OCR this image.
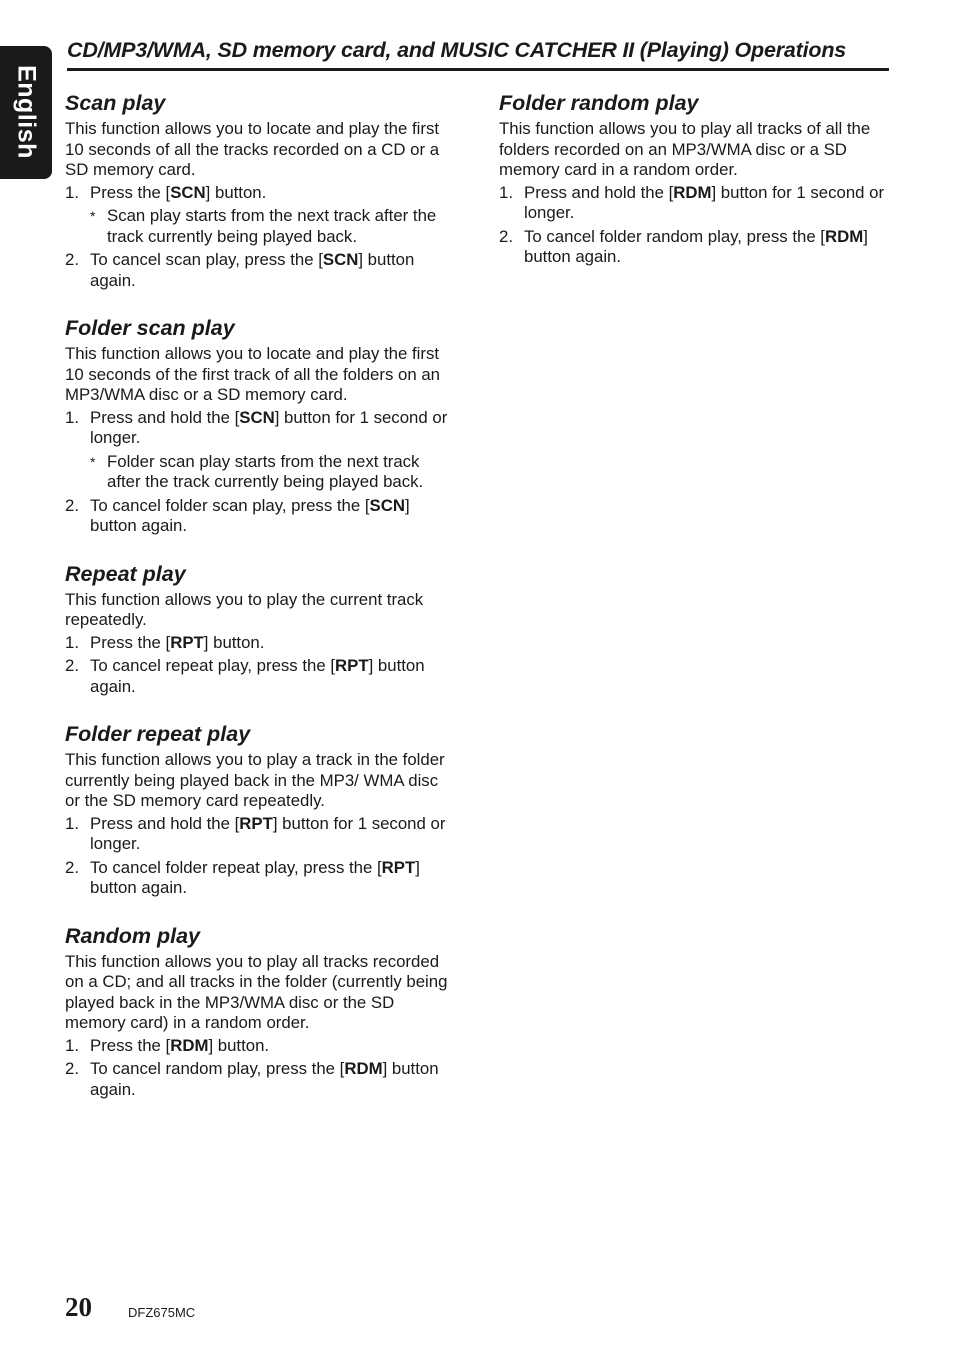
English
CD/MP3/WMA, SD memory card, and MUSIC CATCHER II (Playing) Operations
Scan play

This function allows you to locate and play the first 10 seconds of all the tracks recorded on a CD or a SD memory card.

1. Press the [SCN] button.
* Scan play starts from the next track after the track currently being played back.
2. To cancel scan play, press the [SCN] button again.
Folder scan play

This function allows you to locate and play the first 10 seconds of the first track of all the folders on an MP3/WMA disc or a SD memory card.

1. Press and hold the [SCN] button for 1 second or longer.
* Folder scan play starts from the next track after the track currently being played back.
2. To cancel folder scan play, press the [SCN] button again.
Repeat play

This function allows you to play the current track repeatedly.

1. Press the [RPT] button.
2. To cancel repeat play, press the [RPT] button again.
Folder repeat play

This function allows you to play a track in the folder currently being played back in the MP3/ WMA disc or the SD memory card repeatedly.

1. Press and hold the [RPT] button for 1 second or longer.
2. To cancel folder repeat play, press the [RPT] button again.
Random play

This function allows you to play all tracks recorded on a CD; and all tracks in the folder (currently being played back in the MP3/WMA disc or the SD memory card) in a random order.

1. Press the [RDM] button.
2. To cancel random play, press the [RDM] button again.
Folder random play

This function allows you to play all tracks of all the folders recorded on an MP3/WMA disc or a SD memory card in a random order.

1. Press and hold the [RDM] button for 1 second or longer.
2. To cancel folder random play, press the [RDM] button again.
20	DFZ675MC
